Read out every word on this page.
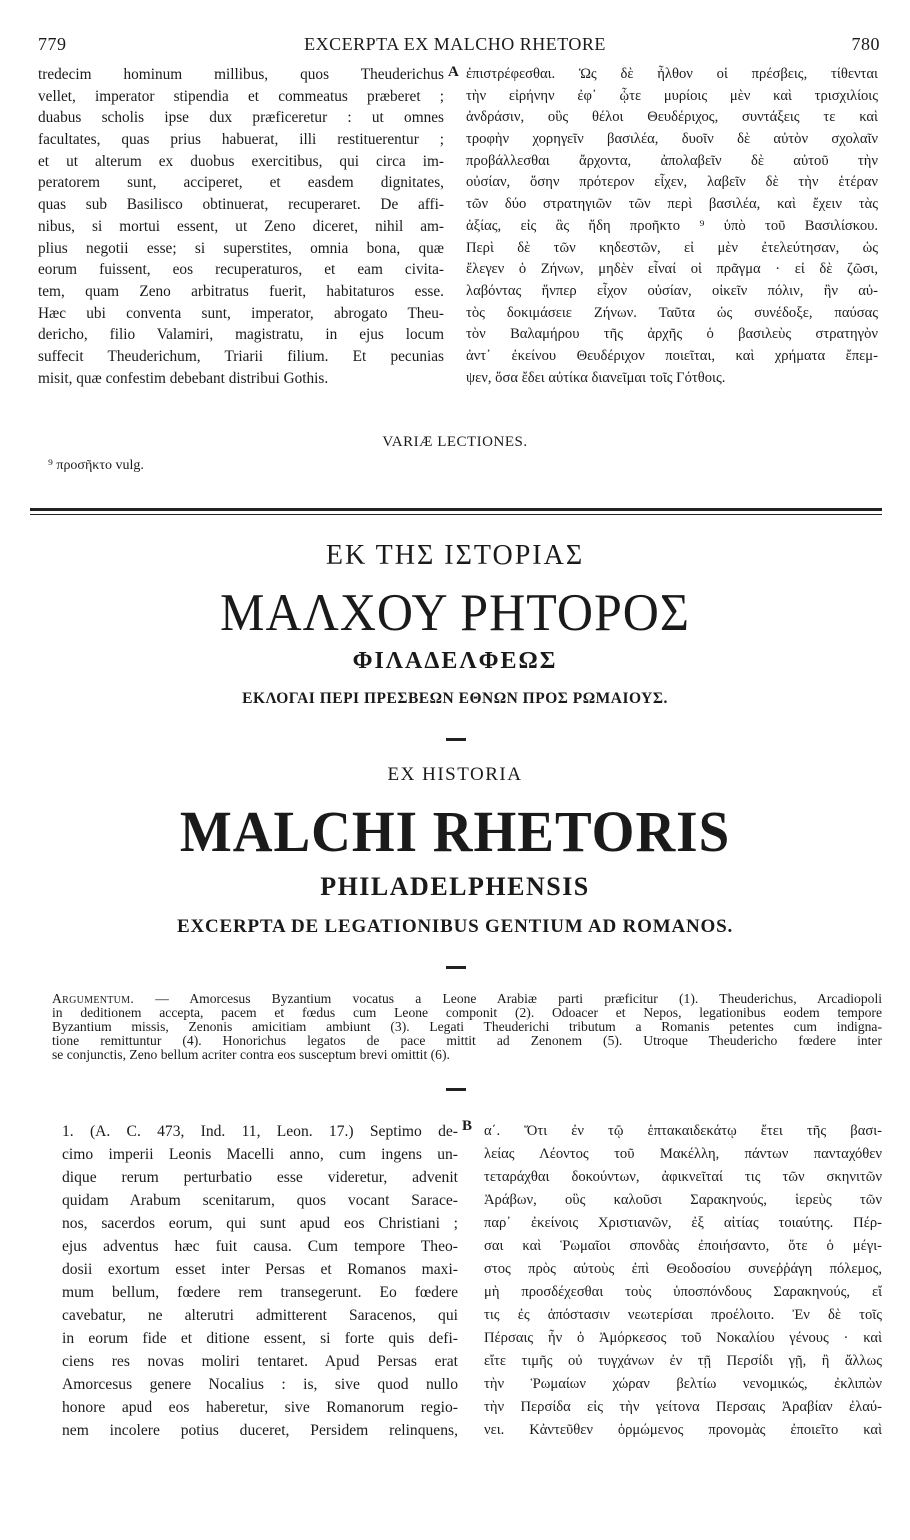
779	EXCERPTA EX MALCHO RHETORE	780
tredecim hominum millibus, quos Theuderichus
vellet, imperator stipendia et commeatus præberet ;
duabus scholis ipse dux præficeretur : ut omnes
facultates, quas prius habuerat, illi restituerentur ;
et ut alterum ex duobus exercitibus, qui circa im-
peratorem sunt, acciperet, et easdem dignitates,
quas sub Basilisco obtinuerat, recuperaret. De affi-
nibus, si mortui essent, ut Zeno diceret, nihil am-
plius negotii esse; si superstites, omnia bona, quæ
eorum fuissent, eos recuperaturos, et eam civita-
tem, quam Zeno arbitratus fuerit, habitaturos esse.
Hæc ubi conventa sunt, imperator, abrogato Theu-
dericho, filio Valamiri, magistratu, in ejus locum
suffecit Theuderichum, Triarii filium. Et pecunias
misit, quæ confestim debebant distribui Gothis.
A ἐπιστρέφεσθαι. Ὡς δὲ ἦλθον οἱ πρέσβεις, τίθενται
τὴν εἰρήνην ἐφ᾽ ᾧτε μυρίοις μὲν καὶ τρισχιλίοις
ἀνδράσιν, οὓς θέλοι Θευδέριχος, συντάξεις τε καὶ
τροφὴν χορηγεῖν βασιλέα, δυοῖν δὲ αὐτὸν σχολαῖν
προβάλλεσθαι ἄρχοντα, ἀπολαβεῖν δὲ αὐτοῦ τὴν
οὐσίαν, ὅσην πρότερον εἶχεν, λαβεῖν δὲ τὴν ἑτέραν
τῶν δύο στρατηγιῶν τῶν περὶ βασιλέα, καὶ ἔχειν τὰς
ἀξίας, εἰς ἃς ἤδη προῆκτο ⁹ ὑπὸ τοῦ Βασιλίσκου.
Περὶ δὲ τῶν κηδεστῶν, εἰ μὲν ἐτελεύτησαν, ὡς
ἔλεγεν ὁ Ζήνων, μηδὲν εἶναί οἱ πρᾶγμα · εἰ δὲ ζῶσι,
λαβόντας ἥνπερ εἶχον οὐσίαν, οἰκεῖν πόλιν, ἣν αὐ-
τὸς δοκιμάσειε Ζήνων. Ταῦτα ὡς συνέδοξε, παύσας
τὸν Βαλαμήρου τῆς ἀρχῆς ὁ βασιλεὺς στρατηγὸν
ἀντ᾽ ἐκείνου Θευδέριχον ποιεῖται, καὶ χρήματα ἔπεμ-
ψεν, ὅσα ἔδει αὐτίκα διανεῖμαι τοῖς Γότθοις.
VARIÆ LECTIONES.
⁹ προσῆκτο vulg.
ΕΚ ΤΗΣ ΙΣΤΟΡΙΑΣ
ΜΑΛΧΟΥ ΡΗΤΟΡΟΣ
ΦΙΛΑΔΕΛΦΕΩΣ
ΕΚΛΟΓΑΙ ΠΕΡΙ ΠΡΕΣΒΕΩΝ ΕΘΝΩΝ ΠΡΟΣ ΡΩΜΑΙΟΥΣ.
EX HISTORIA
MALCHI RHETORIS
PHILADELPHENSIS
EXCERPTA DE LEGATIONIBUS GENTIUM AD ROMANOS.
Argumentum. — Amorcesus Byzantium vocatus a Leone Arabiæ parti præficitur (1). Theuderichus, Arcadiopoli
in deditionem accepta, pacem et fœdus cum Leone componit (2). Odoacer et Nepos, legationibus eodem tempore
Byzantium missis, Zenonis amicitiam ambiunt (3). Legati Theuderichi tributum a Romanis petentes cum indigna-
tione remittuntur (4). Honorichus legatos de pace mittit ad Zenonem (5). Utroque Theudericho fœdere inter
se conjunctis, Zeno bellum acriter contra eos susceptum brevi omittit (6).
1. (A. C. 473, Ind. 11, Leon. 17.) Septimo de-
cimo imperii Leonis Macelli anno, cum ingens un-
dique rerum perturbatio esse videretur, advenit
quidam Arabum scenitarum, quos vocant Sarace-
nos, sacerdos eorum, qui sunt apud eos Christiani ;
ejus adventus hæc fuit causa. Cum tempore Theo-
dosii exortum esset inter Persas et Romanos maxi-
mum bellum, fœdere rem transegerunt. Eo fœdere
cavebatur, ne alterutri admitterent Saracenos, qui
in eorum fide et ditione essent, si forte quis defi-
ciens res novas moliri tentaret. Apud Persas erat
Amorcesus genere Nocalius : is, sive quod nullo
honore apud eos haberetur, sive Romanorum regio-
nem incolere potius duceret, Persidem relinquens,
B α΄. Ὅτι ἐν τῷ ἑπτακαιδεκάτῳ ἔτει τῆς βασι-
λείας Λέοντος τοῦ Μακέλλη, πάντων πανταχόθεν
τεταράχθαι δοκούντων, ἀφικνεῖταί τις τῶν σκηνιτῶν
Ἀράβων, οὓς καλοῦσι Σαρακηνούς, ἱερεὺς τῶν
παρ᾽ ἐκείνοις Χριστιανῶν, ἐξ αἰτίας τοιαύτης. Πέρ-
σαι καὶ Ῥωμαῖοι σπονδὰς ἐποιήσαντο, ὅτε ὁ μέγι-
στος πρὸς αὐτοὺς ἐπὶ Θεοδοσίου συνεῤῥάγη πόλεμος,
μὴ προσδέχεσθαι τοὺς ὑποσπόνδους Σαρακηνούς, εἴ
τις ἐς ἀπόστασιν νεωτερίσαι προέλοιτο. Ἐν δὲ τοῖς
Πέρσαις ἦν ὁ Ἀμόρκεσος τοῦ Νοκαλίου γένους · καὶ
εἴτε τιμῆς οὐ τυγχάνων ἐν τῇ Περσίδι γῇ, ἢ ἄλλως
τὴν Ῥωμαίων χώραν βελτίω νενομικώς, ἐκλιπὼν
τὴν Περσίδα εἰς τὴν γείτονα Περσαις Ἀραβίαν ἐλαύ-
νει. Κἀντεῦθεν ὁρμώμενος προνομὰς ἐποιεῖτο καὶ
